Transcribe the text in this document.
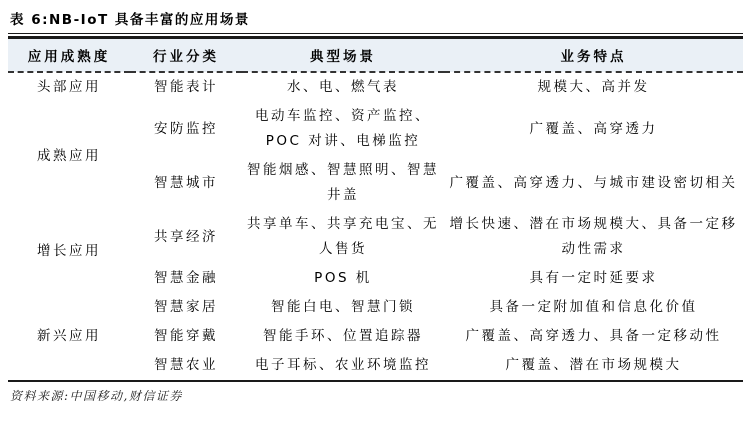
表 6:NB-IoT 具备丰富的应用场景
应用成熟度	行业分类	典型场景	业务特点
头部应用	智能表计	水、电、燃气表	规模大、高并发
成熟应用	安防监控	电动车监控、资产监控、POC 对讲、电梯监控	广覆盖、高穿透力
	智慧城市	智能烟感、智慧照明、智慧井盖	广覆盖、高穿透力、与城市建设密切相关
增长应用	共享经济	共享单车、共享充电宝、无人售货	增长快速、潜在市场规模大、具备一定移动性需求
	智慧金融	POS 机	具有一定时延要求
新兴应用	智慧家居	智能白电、智慧门锁	具备一定附加值和信息化价值
	智能穿戴	智能手环、位置追踪器	广覆盖、高穿透力、具备一定移动性
	智慧农业	电子耳标、农业环境监控	广覆盖、潜在市场规模大
资料来源:中国移动,财信证券
